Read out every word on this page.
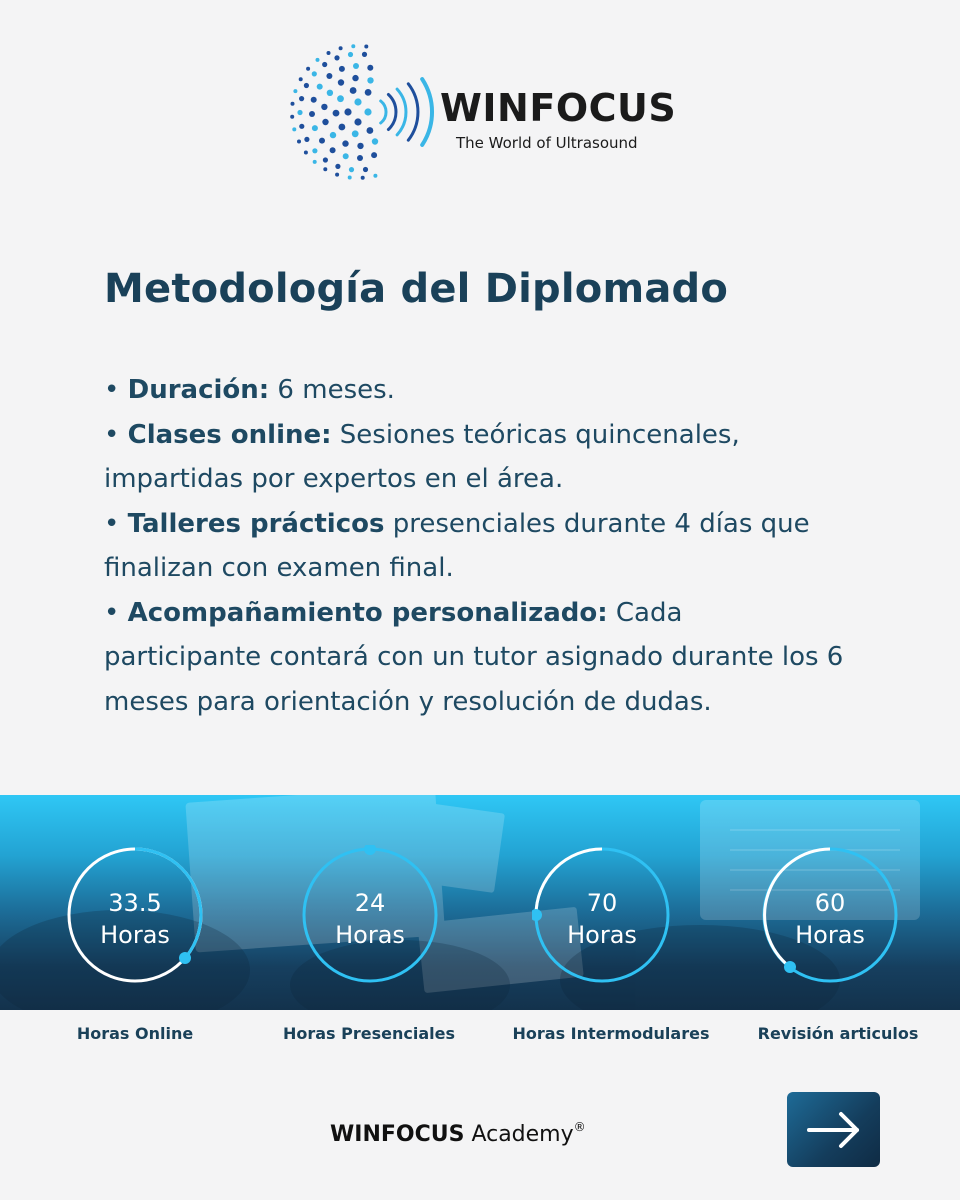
WINFOCUS
The World of Ultrasound
Metodología del Diplomado

• Duración: 6 meses.

• Clases online: Sesiones teóricas quincenales, impartidas por expertos en el área.

• Talleres prácticos presenciales durante 4 días que finalizan con examen final.

• Acompañamiento personalizado: Cada participante contará con un tutor asignado durante los 6 meses para orientación y resolución de dudas.

33.5
Horas
24
Horas
70
Horas
60
Horas
Horas Online	Horas Presenciales	Horas Intermodulares	Revisión articulos
WINFOCUS Academy®
